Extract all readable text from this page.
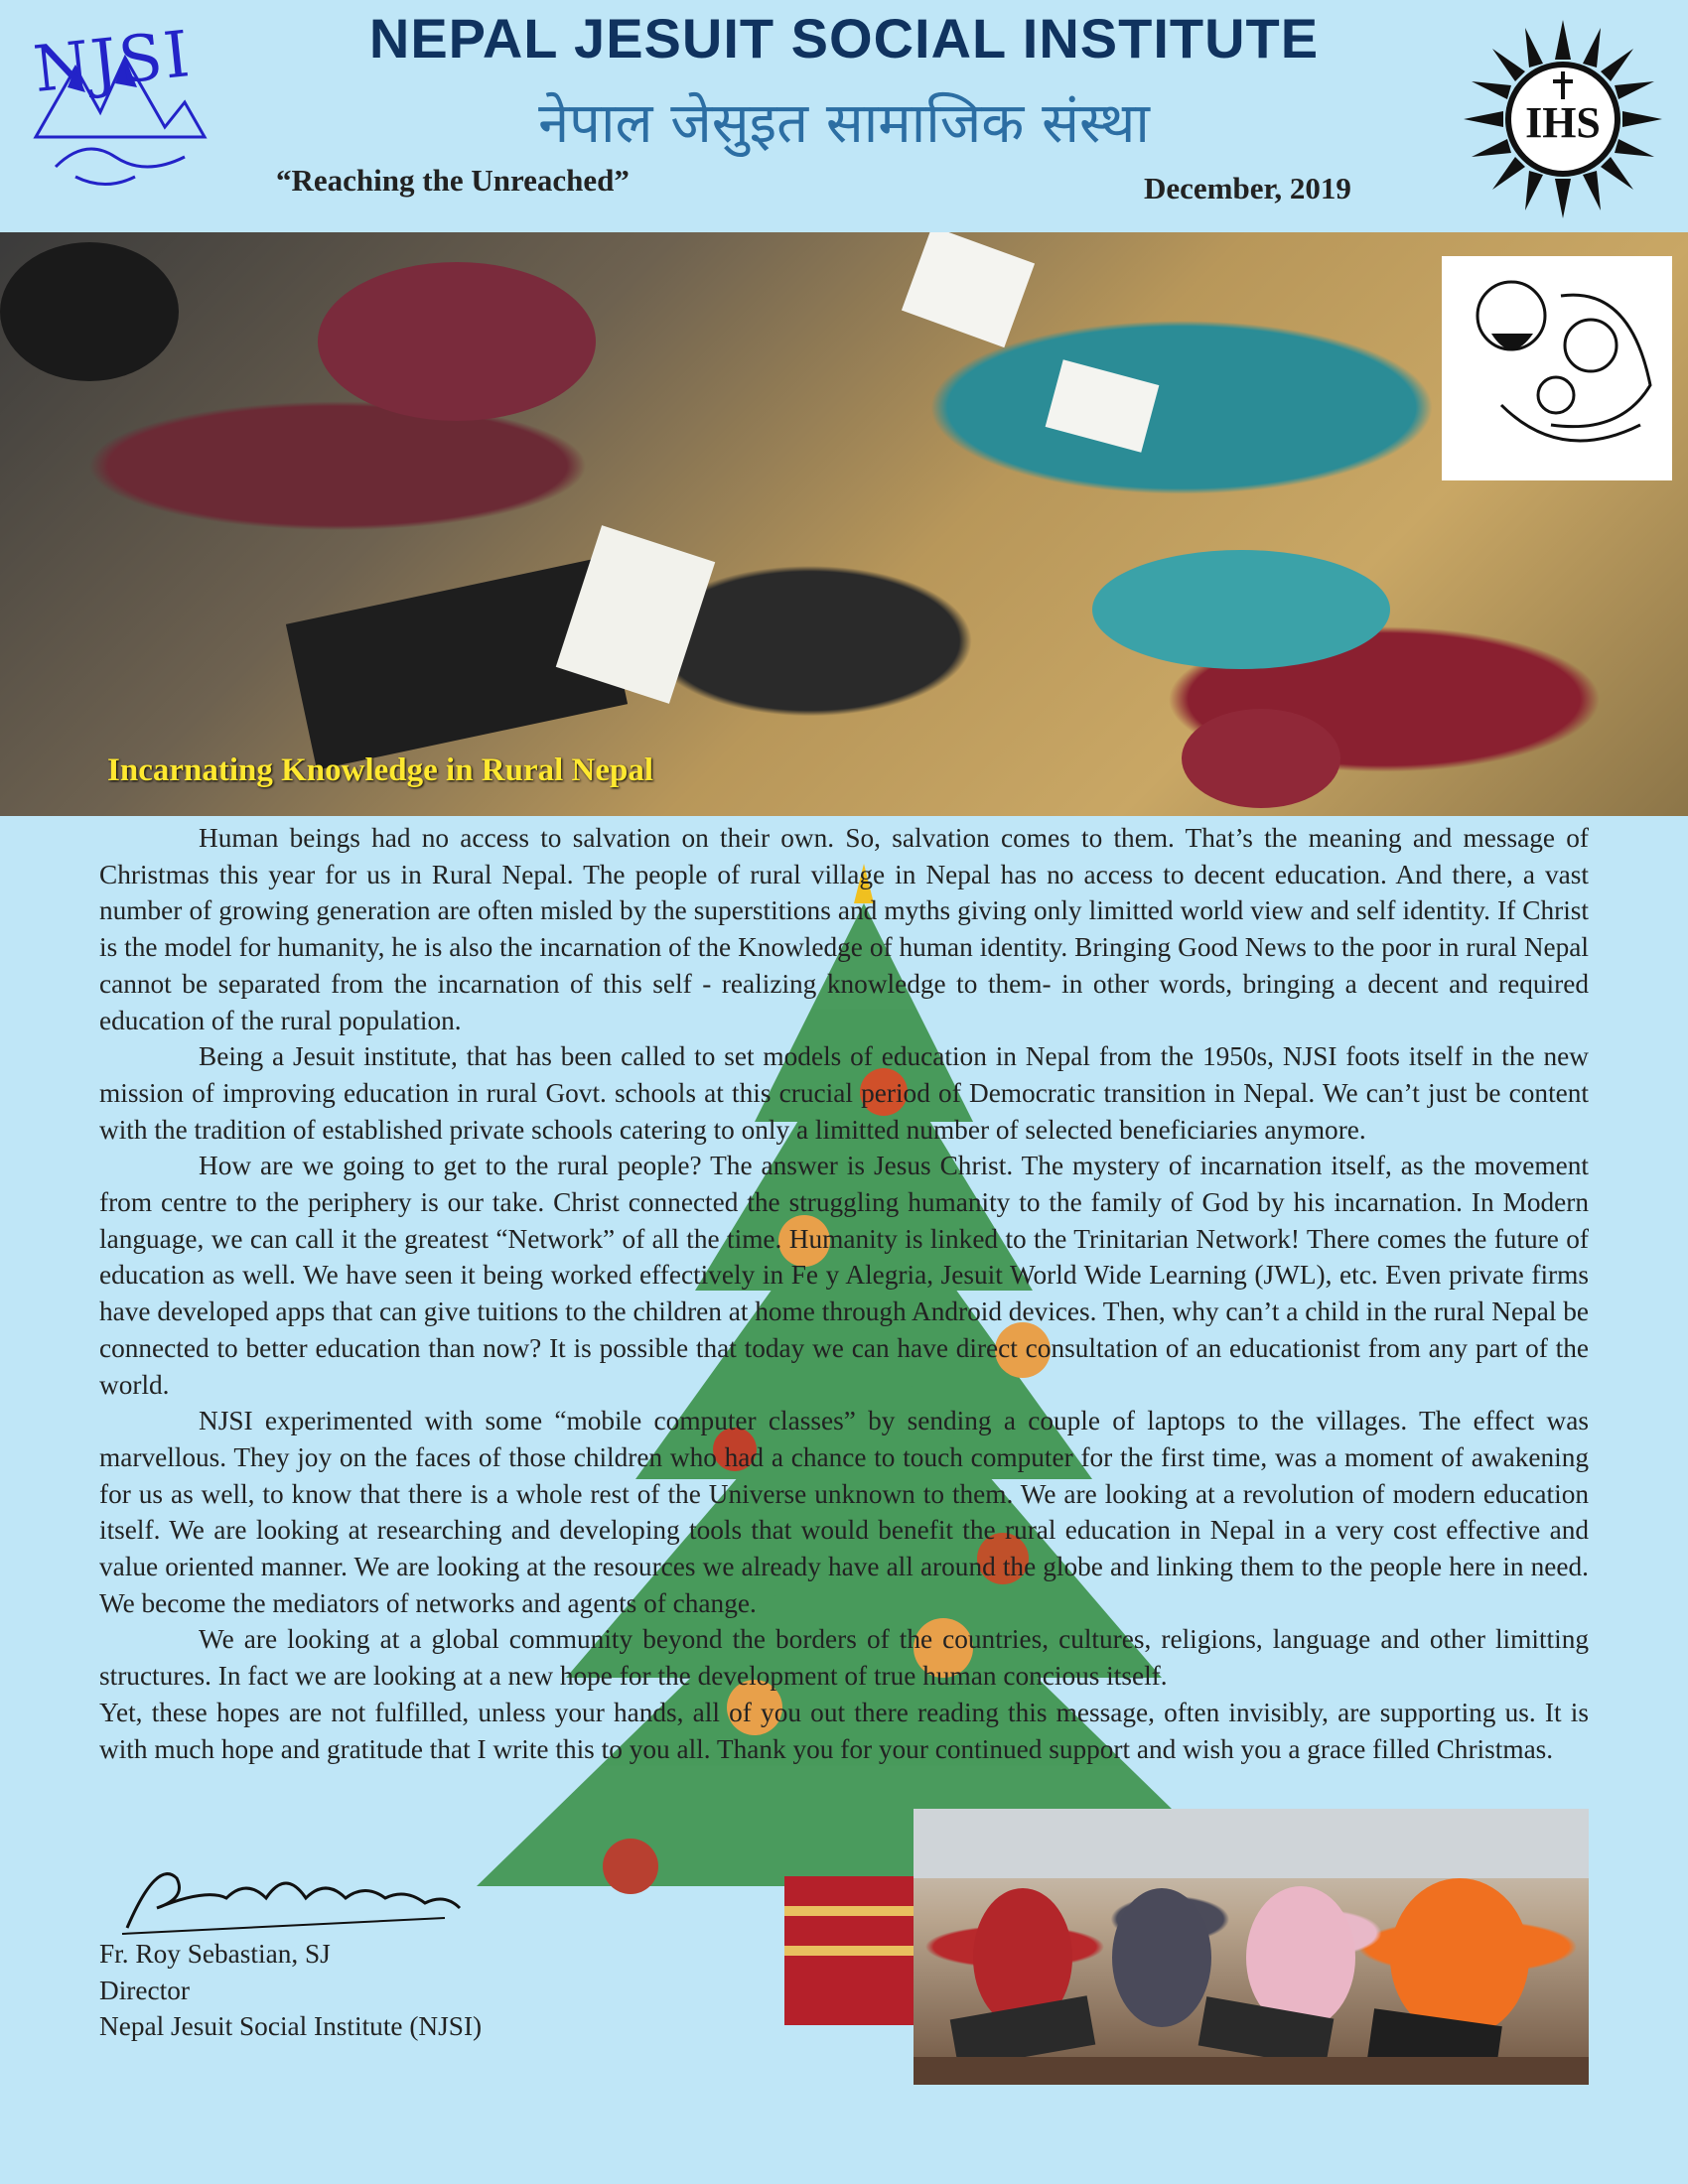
NJSI	NEPAL JESUIT SOCIAL INSTITUTE
नेपाल जेसुइत सामाजिक संस्था
“Reaching the Unreached”	December, 2019
IHS
Incarnating Knowledge in Rural Nepal

Human beings had no access to salvation on their own. So, salvation comes to them. That’s the meaning and message of Christmas this year for us in Rural Nepal. The people of rural village in Nepal has no access to decent education. And there, a vast number of growing generation are often misled by the superstitions and myths giving only limitted world view and self identity. If Christ is the model for humanity, he is also the incarnation of the Knowledge of human identity. Bringing Good News to the poor in rural Nepal cannot be separated from the incarnation of this self - realizing knowledge to them- in other words, bringing a decent and required education of the rural population.

Being a Jesuit institute, that has been called to set models of education in Nepal from the 1950s, NJSI foots itself in the new mission of improving education in rural Govt. schools at this crucial period of Democratic transition in Nepal. We can’t just be content with the tradition of established private schools catering to only a limitted number of selected beneficiaries anymore.

How are we going to get to the rural people? The answer is Jesus Christ. The mystery of incarnation itself, as the movement from centre to the periphery is our take. Christ connected the struggling humanity to the family of God by his incarnation. In Modern language, we can call it the greatest “Network” of all the time. Humanity is linked to the Trinitarian Network! There comes the future of education as well. We have seen it being worked effectively in Fe y Alegria, Jesuit World Wide Learning (JWL), etc. Even private firms have developed apps that can give tuitions to the children at home through Android devices. Then, why can’t a child in the rural Nepal be connected to better education than now? It is possible that today we can have direct consultation of an educationist from any part of the world.

NJSI experimented with some “mobile computer classes” by sending a couple of laptops to the villages. The effect was marvellous. They joy on the faces of those children who had a chance to touch computer for the first time, was a moment of awakening for us as well, to know that there is a whole rest of the Universe unknown to them. We are looking at a revolution of modern education itself. We are looking at researching and developing tools that would benefit the rural education in Nepal in a very cost effective and value oriented manner. We are looking at the resources we already have all around the globe and linking them to the people here in need. We become the mediators of networks and agents of change.

We are looking at a global community beyond the borders of the countries, cultures, religions, language and other limitting structures. In fact we are looking at a new hope for the development of true human concious itself.

Yet, these hopes are not fulfilled, unless your hands, all of you out there reading this message, often invisibly, are supporting us. It is with much hope and gratitude that I write this to you all. Thank you for your continued support and wish you a grace filled Christmas.

Fr. Roy Sebastian, SJ
Director
Nepal Jesuit Social Institute (NJSI)
